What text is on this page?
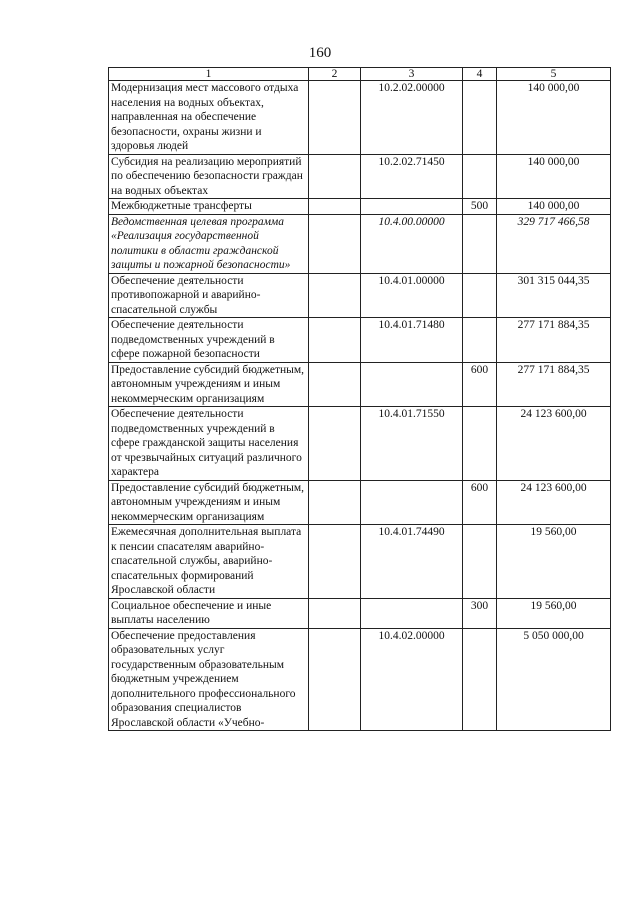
160
1	2	3	4	5
Модернизация мест массового отдыха населения на водных объектах, направленная на обеспечение безопасности, охраны жизни и здоровья людей		10.2.02.00000		140 000,00
Субсидия на реализацию мероприятий по обеспечению безопасности граждан на водных объектах		10.2.02.71450		140 000,00
Межбюджетные трансферты			500	140 000,00
Ведомственная целевая программа «Реализация государственной политики в области гражданской защиты и пожарной безопасности»		10.4.00.00000		329 717 466,58
Обеспечение деятельности противопожарной и аварийно-спасательной службы		10.4.01.00000		301 315 044,35
Обеспечение деятельности подведомственных учреждений в сфере пожарной безопасности		10.4.01.71480		277 171 884,35
Предоставление субсидий бюджетным, автономным учреждениям и иным некоммерческим организациям			600	277 171 884,35
Обеспечение деятельности подведомственных учреждений в сфере гражданской защиты населения от чрезвычайных ситуаций различного характера		10.4.01.71550		24 123 600,00
Предоставление субсидий бюджетным, автономным учреждениям и иным некоммерческим организациям			600	24 123 600,00
Ежемесячная дополнительная выплата к пенсии спасателям аварийно-спасательной службы, аварийно-спасательных формирований Ярославской области		10.4.01.74490		19 560,00
Социальное обеспечение и иные выплаты населению			300	19 560,00
Обеспечение предоставления образовательных услуг государственным образовательным бюджетным учреждением дополнительного профессионального образования специалистов Ярославской области «Учебно-		10.4.02.00000		5 050 000,00
